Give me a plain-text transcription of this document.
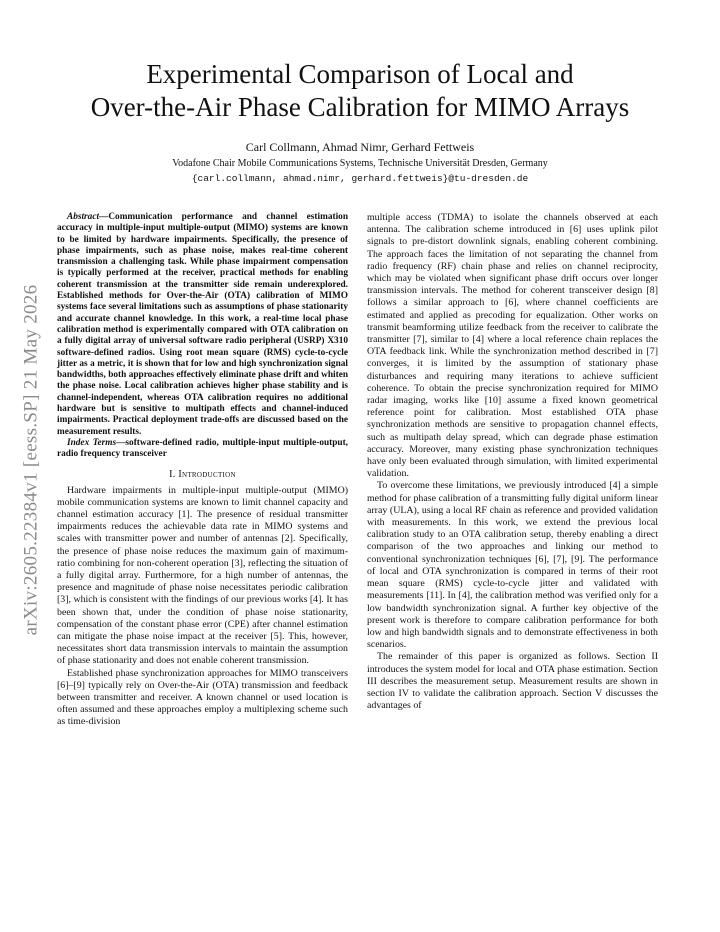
arXiv:2605.22384v1 [eess.SP] 21 May 2026
Experimental Comparison of Local and
Over-the-Air Phase Calibration for MIMO Arrays
Carl Collmann, Ahmad Nimr, Gerhard Fettweis
Vodafone Chair Mobile Communications Systems, Technische Universität Dresden, Germany
{carl.collmann, ahmad.nimr, gerhard.fettweis}@tu-dresden.de

Abstract—Communication performance and channel estimation accuracy in multiple-input multiple-output (MIMO) systems are known to be limited by hardware impairments. Specifically, the presence of phase impairments, such as phase noise, makes real-time coherent transmission a challenging task. While phase impairment compensation is typically performed at the receiver, practical methods for enabling coherent transmission at the transmitter side remain underexplored. Established methods for Over-the-Air (OTA) calibration of MIMO systems face several limitations such as assumptions of phase stationarity and accurate channel knowledge. In this work, a real-time local phase calibration method is experimentally compared with OTA calibration on a fully digital array of universal software radio peripheral (USRP) X310 software-defined radios. Using root mean square (RMS) cycle-to-cycle jitter as a metric, it is shown that for low and high synchronization signal bandwidths, both approaches effectively eliminate phase drift and whiten the phase noise. Local calibration achieves higher phase stability and is channel-independent, whereas OTA calibration requires no additional hardware but is sensitive to multipath effects and channel-induced impairments. Practical deployment trade-offs are discussed based on the measurement results.

Index Terms—software-defined radio, multiple-input multiple-output, radio frequency transceiver

I. Introduction

Hardware impairments in multiple-input multiple-output (MIMO) mobile communication systems are known to limit channel capacity and channel estimation accuracy [1]. The presence of residual transmitter impairments reduces the achievable data rate in MIMO systems and scales with transmitter power and number of antennas [2]. Specifically, the presence of phase noise reduces the maximum gain of maximum-ratio combining for non-coherent operation [3], reflecting the situation of a fully digital array. Furthermore, for a high number of antennas, the presence and magnitude of phase noise necessitates periodic calibration [3], which is consistent with the findings of our previous works [4]. It has been shown that, under the condition of phase noise stationarity, compensation of the constant phase error (CPE) after channel estimation can mitigate the phase noise impact at the receiver [5]. This, however, necessitates short data transmission intervals to maintain the assumption of phase stationarity and does not enable coherent transmission.

Established phase synchronization approaches for MIMO transceivers [6]–[9] typically rely on Over-the-Air (OTA) transmission and feedback between transmitter and receiver. A known channel or used location is often assumed and these approaches employ a multiplexing scheme such as time-division

multiple access (TDMA) to isolate the channels observed at each antenna. The calibration scheme introduced in [6] uses uplink pilot signals to pre-distort downlink signals, enabling coherent combining. The approach faces the limitation of not separating the channel from radio frequency (RF) chain phase and relies on channel reciprocity, which may be violated when significant phase drift occurs over longer transmission intervals. The method for coherent transceiver design [8] follows a similar approach to [6], where channel coefficients are estimated and applied as precoding for equalization. Other works on transmit beamforming utilize feedback from the receiver to calibrate the transmitter [7], similar to [4] where a local reference chain replaces the OTA feedback link. While the synchronization method described in [7] converges, it is limited by the assumption of stationary phase disturbances and requiring many iterations to achieve sufficient coherence. To obtain the precise synchronization required for MIMO radar imaging, works like [10] assume a fixed known geometrical reference point for calibration. Most established OTA phase synchronization methods are sensitive to propagation channel effects, such as multipath delay spread, which can degrade phase estimation accuracy. Moreover, many existing phase synchronization techniques have only been evaluated through simulation, with limited experimental validation.

To overcome these limitations, we previously introduced [4] a simple method for phase calibration of a transmitting fully digital uniform linear array (ULA), using a local RF chain as reference and provided validation with measurements. In this work, we extend the previous local calibration study to an OTA calibration setup, thereby enabling a direct comparison of the two approaches and linking our method to conventional synchronization techniques [6], [7], [9]. The performance of local and OTA synchronization is compared in terms of their root mean square (RMS) cycle-to-cycle jitter and validated with measurements [11]. In [4], the calibration method was verified only for a low bandwidth synchronization signal. A further key objective of the present work is therefore to compare calibration performance for both low and high bandwidth signals and to demonstrate effectiveness in both scenarios.

The remainder of this paper is organized as follows. Section II introduces the system model for local and OTA phase estimation. Section III describes the measurement setup. Measurement results are shown in section IV to validate the calibration approach. Section V discusses the advantages of
